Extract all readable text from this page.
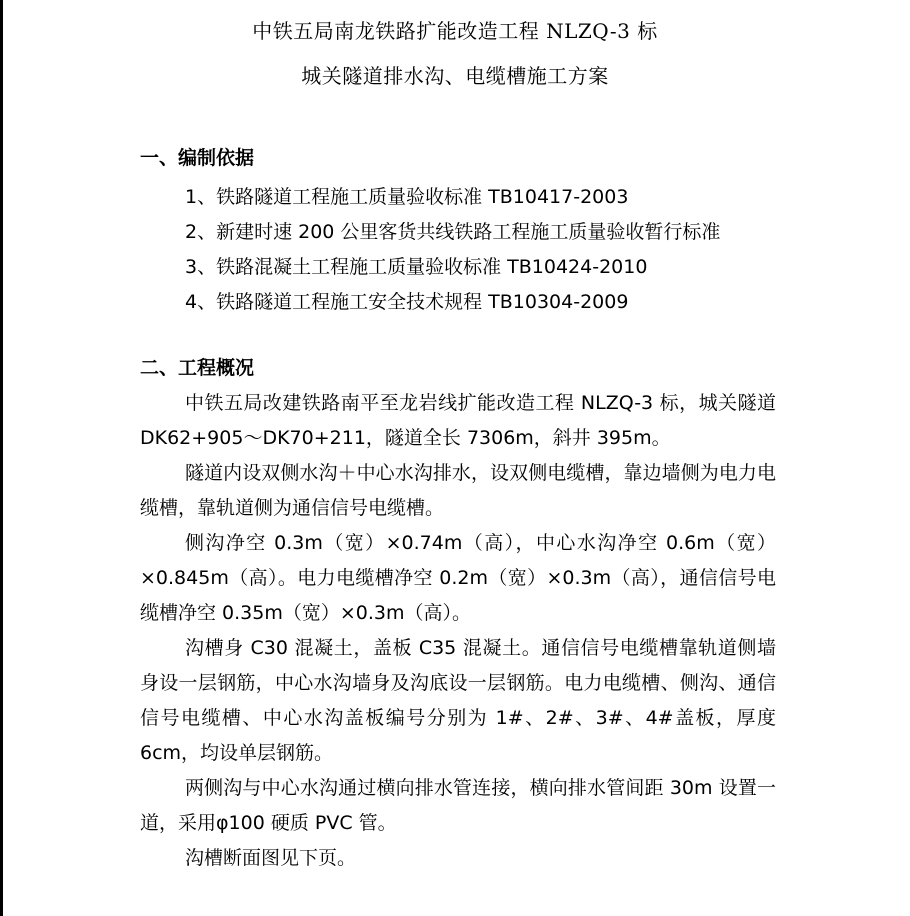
中铁五局南龙铁路扩能改造工程 NLZQ-3 标
城关隧道排水沟、电缆槽施工方案
一、编制依据
1、铁路隧道工程施工质量验收标准 TB10417-2003
2、新建时速 200 公里客货共线铁路工程施工质量验收暂行标准
3、铁路混凝土工程施工质量验收标准 TB10424-2010
4、铁路隧道工程施工安全技术规程 TB10304-2009
二、工程概况

中铁五局改建铁路南平至龙岩线扩能改造工程 NLZQ-3 标，城关隧道 DK62+905～DK70+211，隧道全长 7306m，斜井 395m。

隧道内设双侧水沟＋中心水沟排水，设双侧电缆槽，靠边墙侧为电力电缆槽，靠轨道侧为通信信号电缆槽。

侧沟净空 0.3m（宽）×0.74m（高），中心水沟净空 0.6m（宽）×0.845m（高）。电力电缆槽净空 0.2m（宽）×0.3m（高），通信信号电缆槽净空 0.35m（宽）×0.3m（高）。

沟槽身 C30 混凝土，盖板 C35 混凝土。通信信号电缆槽靠轨道侧墙身设一层钢筋，中心水沟墙身及沟底设一层钢筋。电力电缆槽、侧沟、通信信号电缆槽、中心水沟盖板编号分别为 1#、2#、3#、4#盖板，厚度 6cm，均设单层钢筋。

两侧沟与中心水沟通过横向排水管连接，横向排水管间距 30m 设置一道，采用φ100 硬质 PVC 管。

沟槽断面图见下页。
